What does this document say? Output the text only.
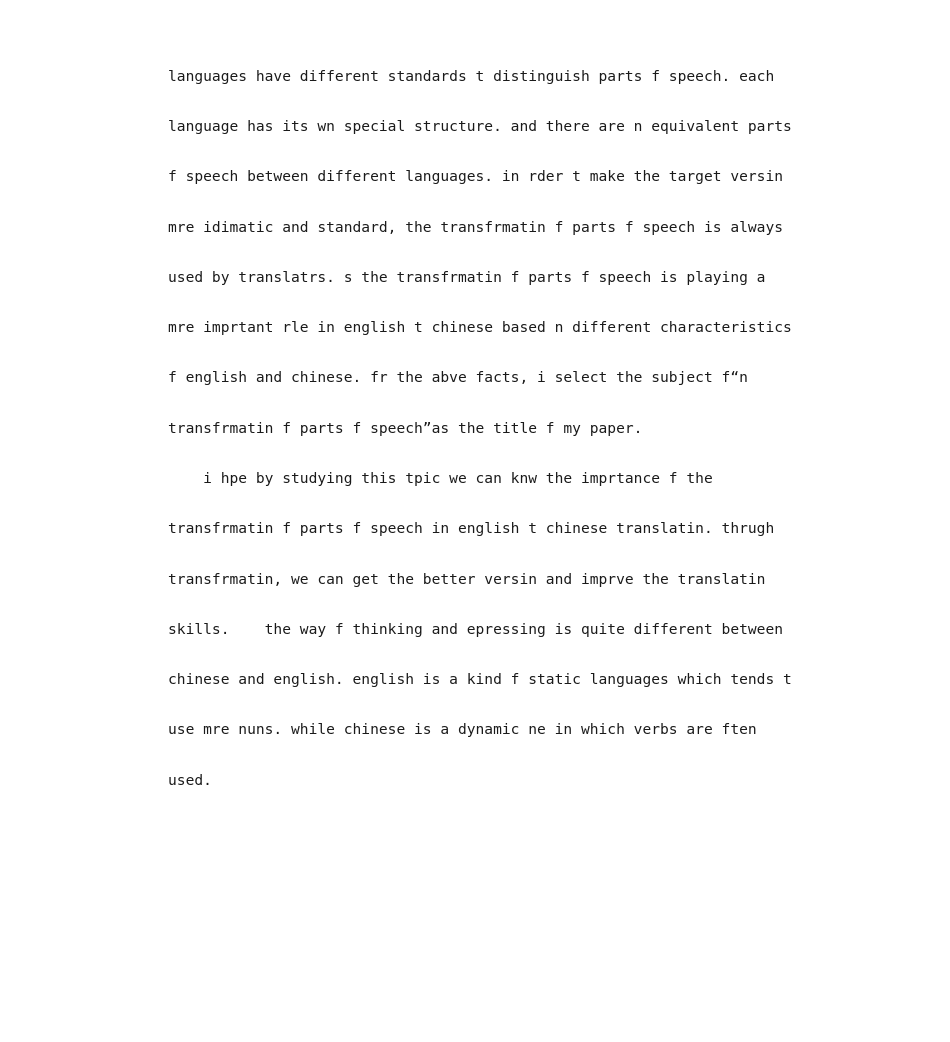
languages have different standards t distinguish parts f speech. each
language has its wn special structure. and there are n equivalent parts
f speech between different languages. in rder t make the target versin
mre idimatic and standard, the transfrmatin f parts f speech is always
used by translatrs. s the transfrmatin f parts f speech is playing a
mre imprtant rle in english t chinese based n different characteristics
f english and chinese. fr the abve facts, i select the subject f“n
transfrmatin f parts f speech”as the title f my paper.
i hpe by studying this tpic we can knw the imprtance f the
transfrmatin f parts f speech in english t chinese translatin. thrugh
transfrmatin, we can get the better versin and imprve the translatin
skills.    the way f thinking and epressing is quite different between
chinese and english. english is a kind f static languages which tends t
use mre nuns. while chinese is a dynamic ne in which verbs are ften
used.
